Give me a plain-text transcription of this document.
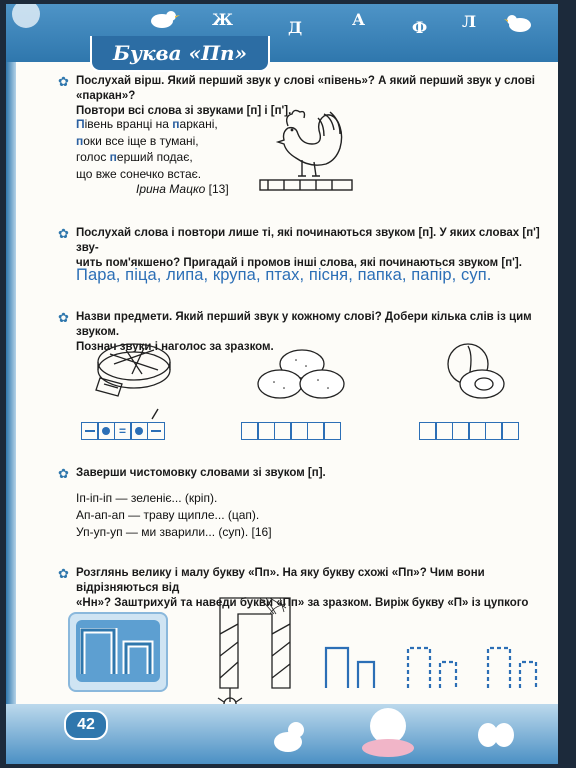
Ж	Д	А	Ф Л
Буква «Пп»
✿ Послухай вірш. Який перший звук у слові «півень»? А який перший звук у слові «паркан»?
Повтори всі слова зі звуками [п] і [п'].
Півень вранці на паркані,
поки все іще в тумані,
голос перший подає,
що вже сонечко встає.
Ірина Мацко [13]
✿ Послухай слова і повтори лише ті, які починаються звуком [п]. У яких словах [п'] зву-
чить пом'якшено? Пригадай і промов інші слова, які починаються звуком [п'].
Пара, піца, липа, крупа, птах, пісня, папка, папір, суп.
✿ Назви предмети. Який перший звук у кожному слові? Добери кілька слів із цим звуком.
Познач звуки і наголос за зразком.
=
✿ Заверши чистомовку словами зі звуком [п].
Іп-іп-іп — зеленіє... (кріп).
Ап-ап-ап — траву щипле... (цап).
Уп-уп-уп — ми зварили... (суп). [16]
✿ Розглянь велику і малу букву «Пп». На яку букву схожі «Пп»? Чим вони відрізняються від
«Нн»? Заштрихуй та наведи букви «Пп» за зразком. Виріж букву «П» із цупкого
42
